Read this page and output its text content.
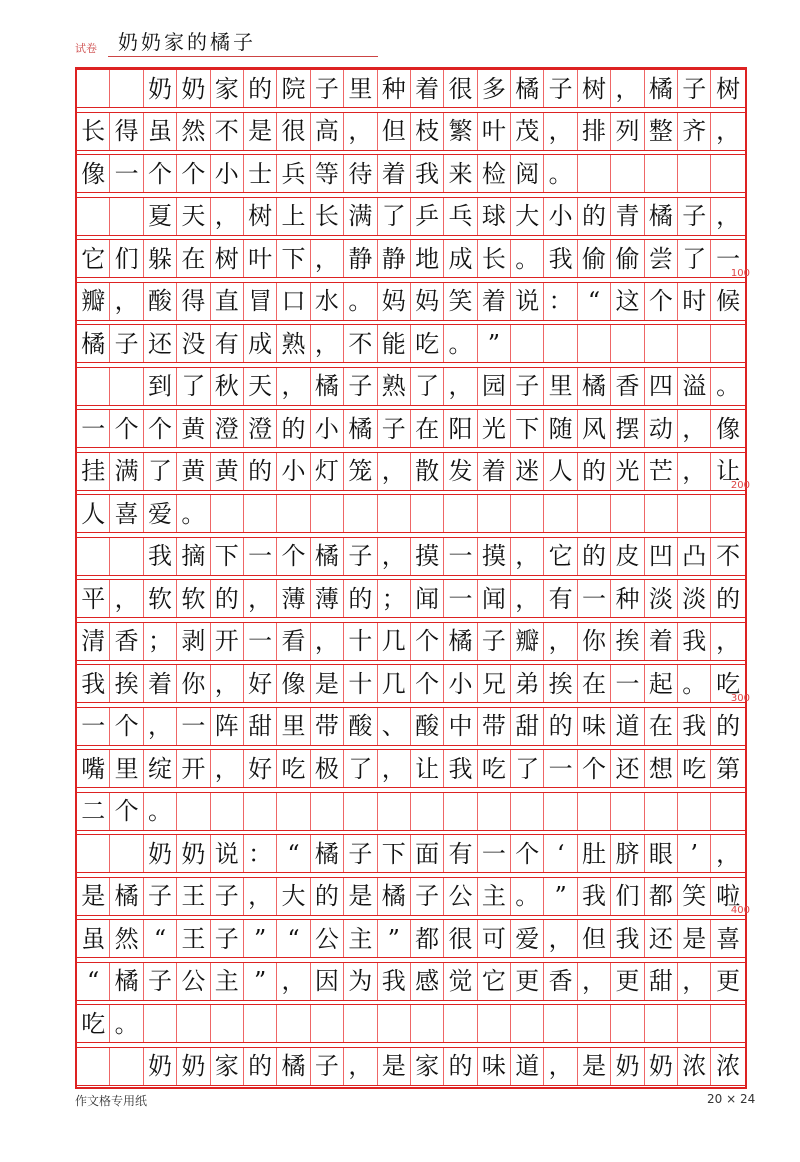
试卷 奶奶家的橘子
奶 奶 家 的 院 子 里 种 着 很 多 橘 子 树 ， 橘 子 树
长 得 虽 然 不 是 很 高 ， 但 枝 繁 叶 茂 ， 排 列 整 齐 ，
像 一 个 个 小 士 兵 等 待 着 我 来 检 阅 。
夏 天 ， 树 上 长 满 了 乒 乓 球 大 小 的 青 橘 子 ，
它 们 躲 在 树 叶 下 ， 静 静 地 成 长 。 我 偷 偷 尝 了 一
瓣 ， 酸 得 直 冒 口 水 。 妈 妈 笑 着 说 ： “ 这 个 时 候
橘 子 还 没 有 成 熟 ， 不 能 吃 。 ”
到 了 秋 天 ， 橘 子 熟 了 ， 园 子 里 橘 香 四 溢 。
一 个 个 黄 澄 澄 的 小 橘 子 在 阳 光 下 随 风 摆 动 ， 像
挂 满 了 黄 黄 的 小 灯 笼 ， 散 发 着 迷 人 的 光 芒 ， 让
人 喜 爱 。
我 摘 下 一 个 橘 子 ， 摸 一 摸 ， 它 的 皮 凹 凸 不
平 ， 软 软 的 ， 薄 薄 的 ； 闻 一 闻 ， 有 一 种 淡 淡 的
清 香 ； 剥 开 一 看 ， 十 几 个 橘 子 瓣 ， 你 挨 着 我 ，
我 挨 着 你 ， 好 像 是 十 几 个 小 兄 弟 挨 在 一 起 。 吃
一 个 ， 一 阵 甜 里 带 酸 、 酸 中 带 甜 的 味 道 在 我 的
嘴 里 绽 开 ， 好 吃 极 了 ， 让 我 吃 了 一 个 还 想 吃 第
二 个 。
奶 奶 说 ： “ 橘 子 下 面 有 一 个 ‘ 肚 脐 眼 ’ ，
是 橘 子 王 子 ， 大 的 是 橘 子 公 主 。 ” 我 们 都 笑 啦
虽 然 “ 王 子 ” “ 公 主 ” 都 很 可 爱 ， 但 我 还 是 喜
“ 橘 子 公 主 ” ， 因 为 我 感 觉 它 更 香 ， 更 甜 ， 更
吃 。
奶 奶 家 的 橘 子 ， 是 家 的 味 道 ， 是 奶 奶 浓 浓
作文格专用纸	20 × 24
100
200
300
400
